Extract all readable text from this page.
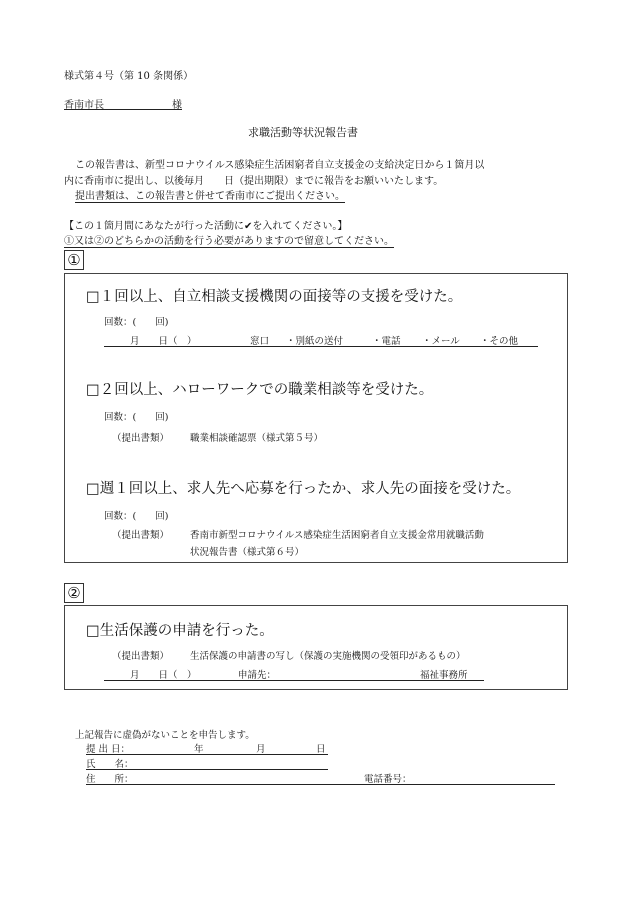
様式第４号（第 10 条関係）
香南市長	様
求職活動等状況報告書
この報告書は、新型コロナウイルス感染症生活困窮者自立支援金の支給決定日から１箇月以
内に香南市に提出し、以後毎月　　日（提出期限）までに報告をお願いいたします。
提出書類は、この報告書と併せて香南市にご提出ください。
【この１箇月間にあなたが行った活動に✔を入れてください。】
①又は②のどちらかの活動を行う必要がありますので留意してください。
①
□１回以上、自立相談支援機関の面接等の支援を受けた。
回数：(　　回)
月　　日（　）	窓口 ・別紙の送付	・電話 ・メール ・その他
□２回以上、ハローワークでの職業相談等を受けた。
回数：(　　回)
（提出書類） 職業相談確認票（様式第５号）
□週１回以上、求人先へ応募を行ったか、求人先の面接を受けた。
回数：(　　回)
（提出書類） 香南市新型コロナウイルス感染症生活困窮者自立支援金常用就職活動
状況報告書（様式第６号）
②
□生活保護の申請を行った。
（提出書類） 生活保護の申請書の写し（保護の実施機関の受領印があるもの）
月　　日（　）	申請先：	福祉事務所
上記報告に虚偽がないことを申告します。
提 出 日：	年	月	日
氏　　名：
住　　所：	電話番号：
